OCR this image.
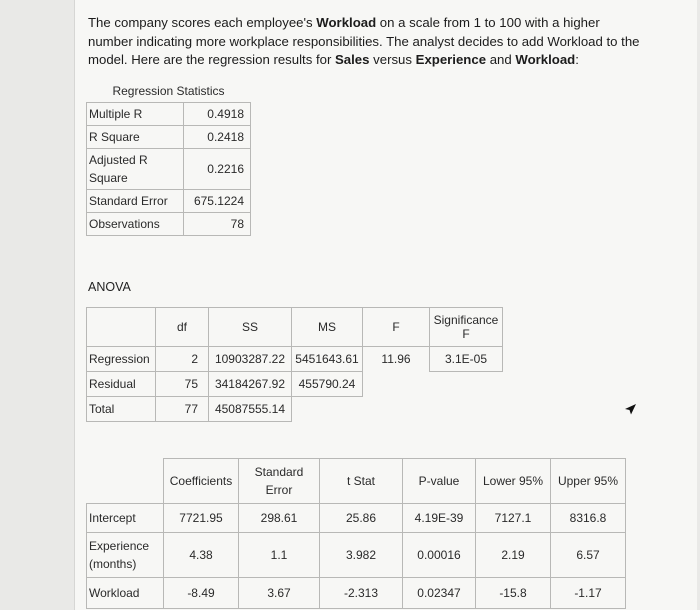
The company scores each employee's Workload on a scale from 1 to 100 with a higher number indicating more workplace responsibilities. The analyst decides to add Workload to the model. Here are the regression results for Sales versus Experience and Workload:
Regression Statistics	
Multiple R	0.4918
R Square	0.2418
Adjusted R Square	0.2216
Standard Error	675.1224
Observations	78
ANOVA
	df	SS	MS	F	Significance F
Regression	2	10903287.22	5451643.61	11.96	3.1E-05
Residual	75	34184267.92	455790.24		
Total	77	45087555.14			
	Coefficients	Standard Error	t Stat	P-value	Lower 95%	Upper 95%
Intercept	7721.95	298.61	25.86	4.19E-39	7127.1	8316.8
Experience (months)	4.38	1.1	3.982	0.00016	2.19	6.57
Workload	-8.49	3.67	-2.313	0.02347	-15.8	-1.17
